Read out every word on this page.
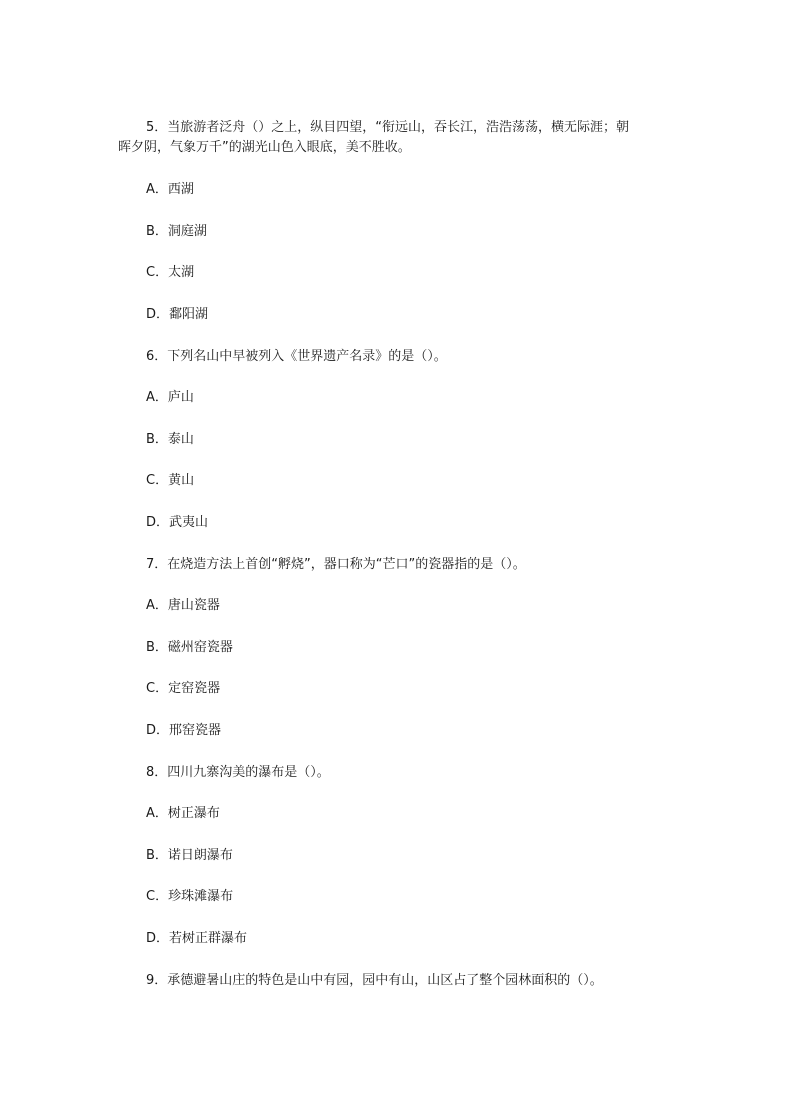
5．当旅游者泛舟（）之上，纵目四望，“衔远山，吞长江，浩浩荡荡，横无际涯；朝
晖夕阴，气象万千”的湖光山色入眼底，美不胜收。
A．西湖
B．洞庭湖
C．太湖
D．鄱阳湖
6．下列名山中早被列入《世界遗产名录》的是（）。
A．庐山
B．泰山
C．黄山
D．武夷山
7．在烧造方法上首创“孵烧”，器口称为“芒口”的瓷器指的是（）。
A．唐山瓷器
B．磁州窑瓷器
C．定窑瓷器
D．邢窑瓷器
8．四川九寨沟美的瀑布是（）。
A．树正瀑布
B．诺日朗瀑布
C．珍珠滩瀑布
D．若树正群瀑布
9．承德避暑山庄的特色是山中有园，园中有山，山区占了整个园林面积的（）。
